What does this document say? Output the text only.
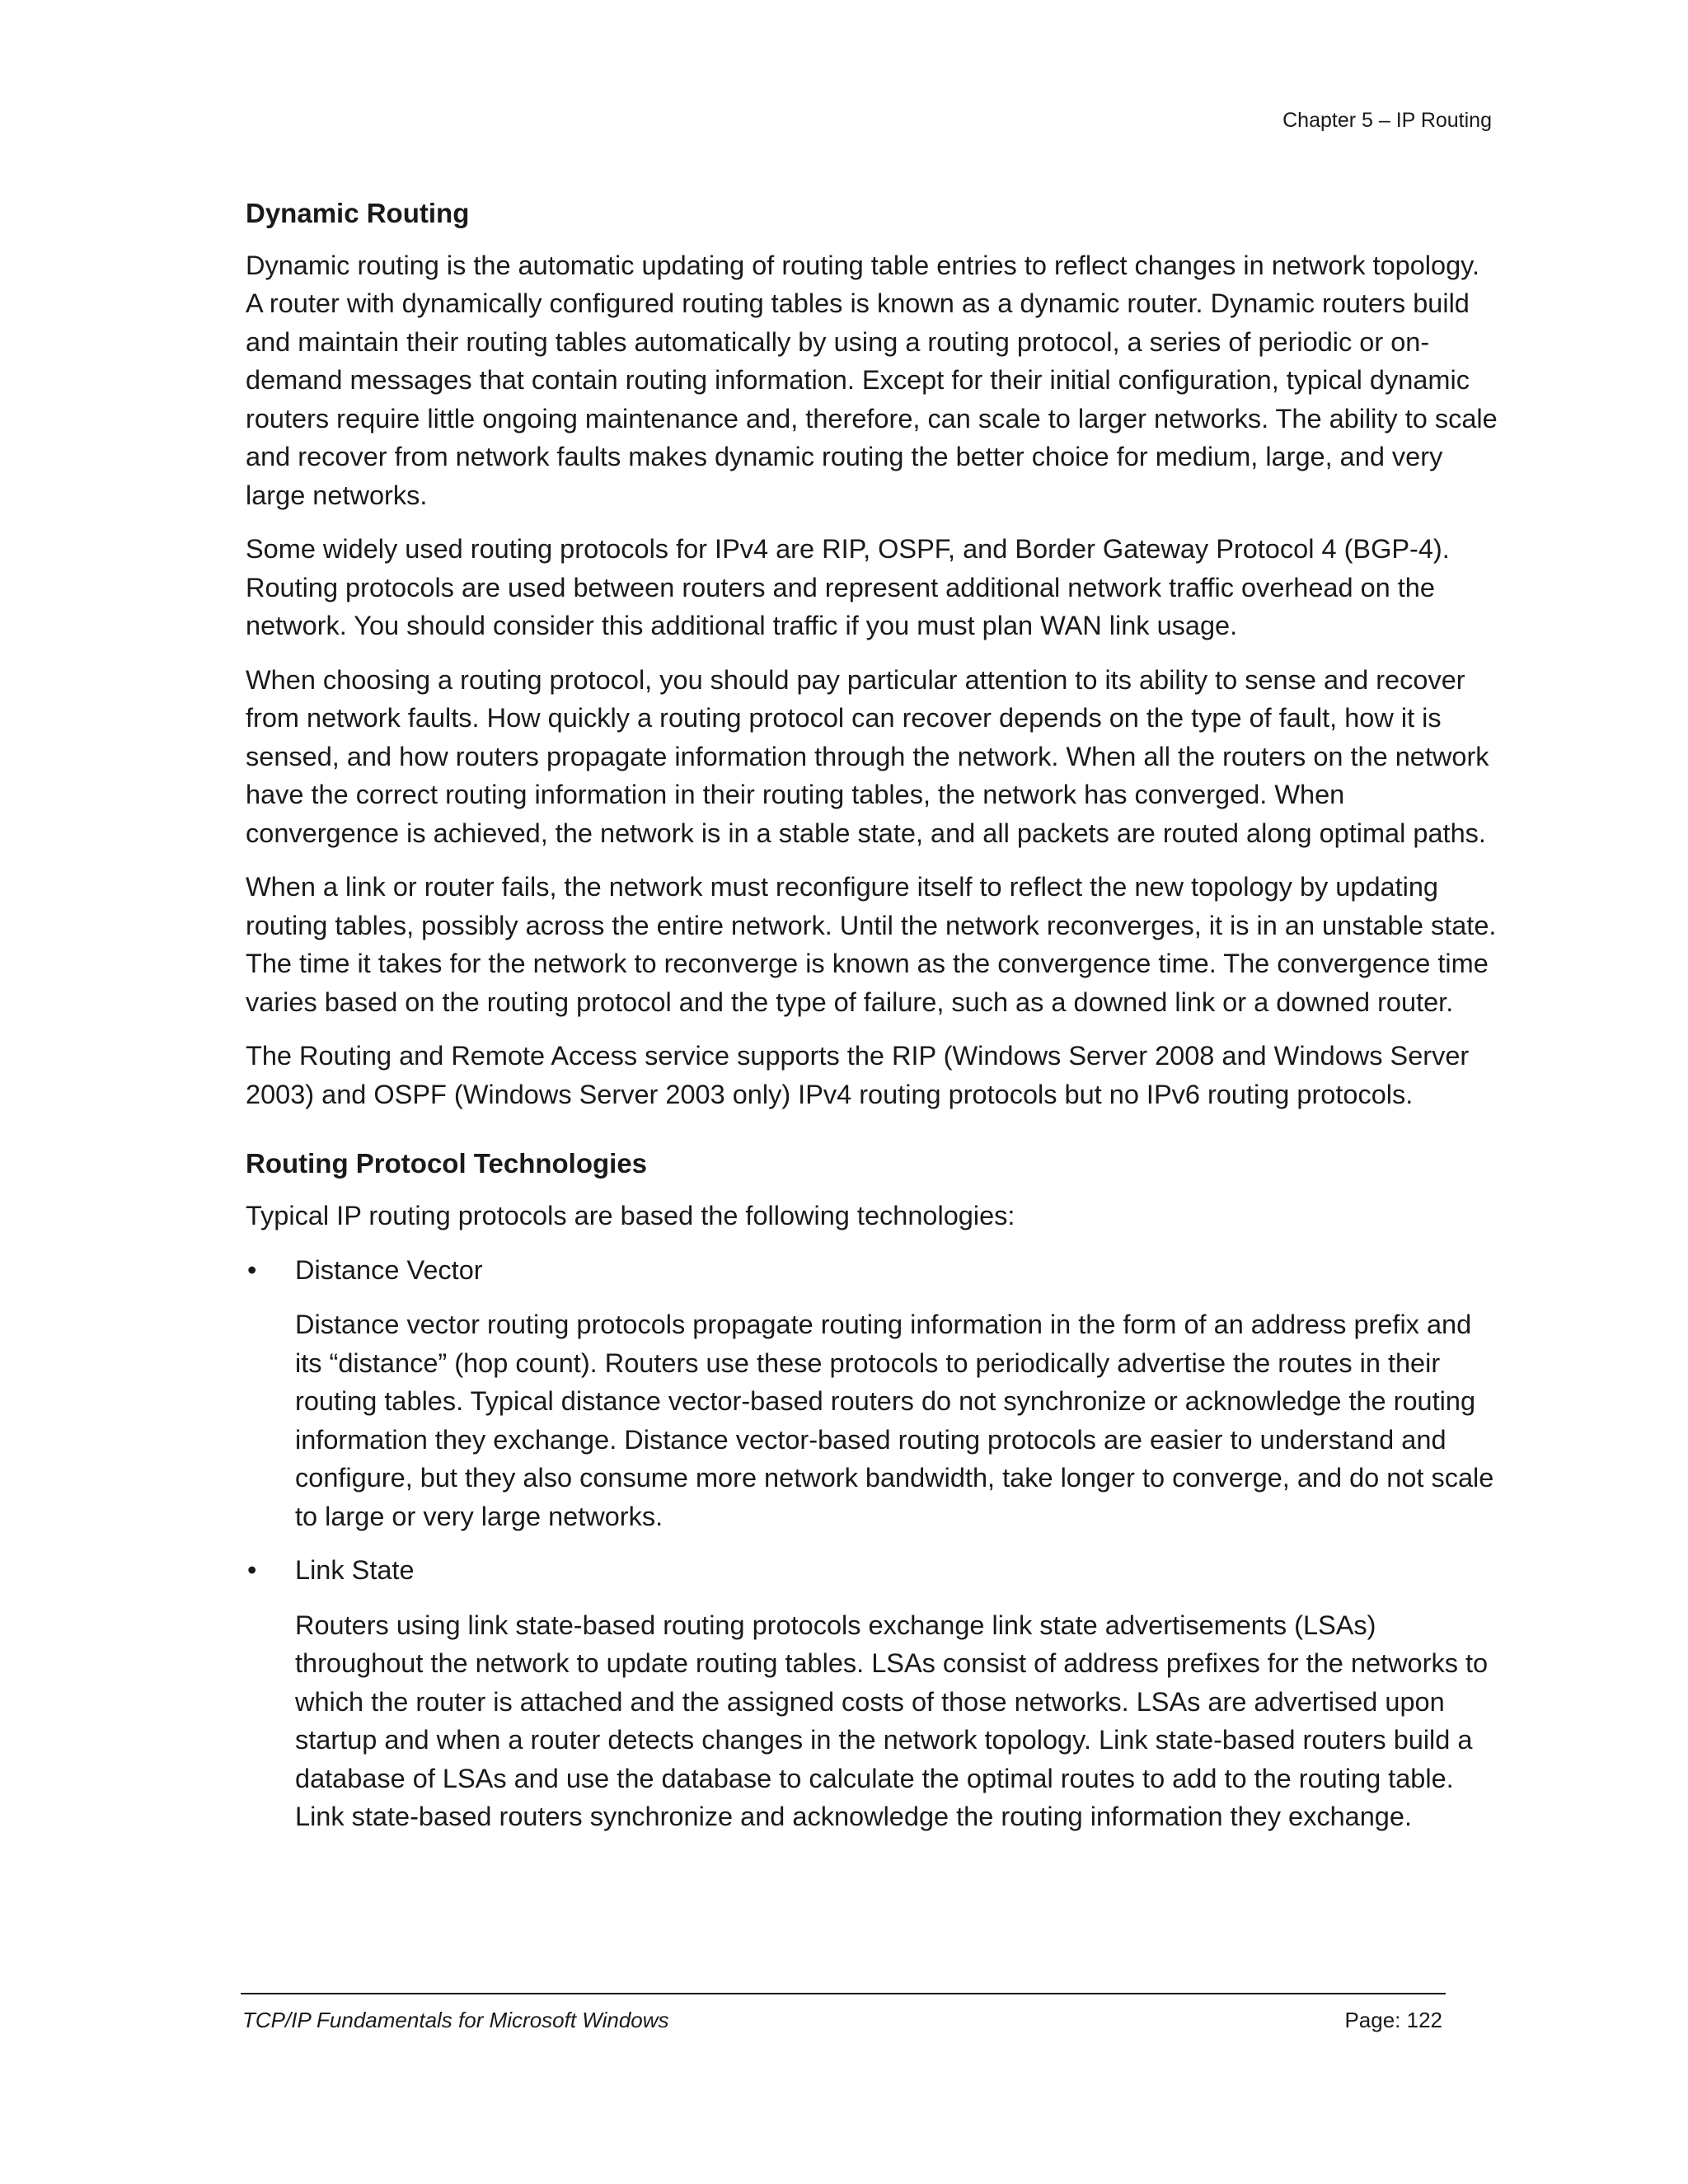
Chapter 5 – IP Routing
Dynamic Routing

Dynamic routing is the automatic updating of routing table entries to reflect changes in network topology. A router with dynamically configured routing tables is known as a dynamic router. Dynamic routers build and maintain their routing tables automatically by using a routing protocol, a series of periodic or on-demand messages that contain routing information. Except for their initial configuration, typical dynamic routers require little ongoing maintenance and, therefore, can scale to larger networks. The ability to scale and recover from network faults makes dynamic routing the better choice for medium, large, and very large networks.

Some widely used routing protocols for IPv4 are RIP, OSPF, and Border Gateway Protocol 4 (BGP-4). Routing protocols are used between routers and represent additional network traffic overhead on the network. You should consider this additional traffic if you must plan WAN link usage.

When choosing a routing protocol, you should pay particular attention to its ability to sense and recover from network faults. How quickly a routing protocol can recover depends on the type of fault, how it is sensed, and how routers propagate information through the network. When all the routers on the network have the correct routing information in their routing tables, the network has converged. When convergence is achieved, the network is in a stable state, and all packets are routed along optimal paths.

When a link or router fails, the network must reconfigure itself to reflect the new topology by updating routing tables, possibly across the entire network. Until the network reconverges, it is in an unstable state. The time it takes for the network to reconverge is known as the convergence time. The convergence time varies based on the routing protocol and the type of failure, such as a downed link or a downed router.

The Routing and Remote Access service supports the RIP (Windows Server 2008 and Windows Server 2003) and OSPF (Windows Server 2003 only) IPv4 routing protocols but no IPv6 routing protocols.

Routing Protocol Technologies

Typical IP routing protocols are based the following technologies:

• Distance Vector

Distance vector routing protocols propagate routing information in the form of an address prefix and its “distance” (hop count). Routers use these protocols to periodically advertise the routes in their routing tables. Typical distance vector-based routers do not synchronize or acknowledge the routing information they exchange. Distance vector-based routing protocols are easier to understand and configure, but they also consume more network bandwidth, take longer to converge, and do not scale to large or very large networks.

• Link State

Routers using link state-based routing protocols exchange link state advertisements (LSAs) throughout the network to update routing tables. LSAs consist of address prefixes for the networks to which the router is attached and the assigned costs of those networks. LSAs are advertised upon startup and when a router detects changes in the network topology. Link state-based routers build a database of LSAs and use the database to calculate the optimal routes to add to the routing table. Link state-based routers synchronize and acknowledge the routing information they exchange.

TCP/IP Fundamentals for Microsoft Windows	Page: 122
